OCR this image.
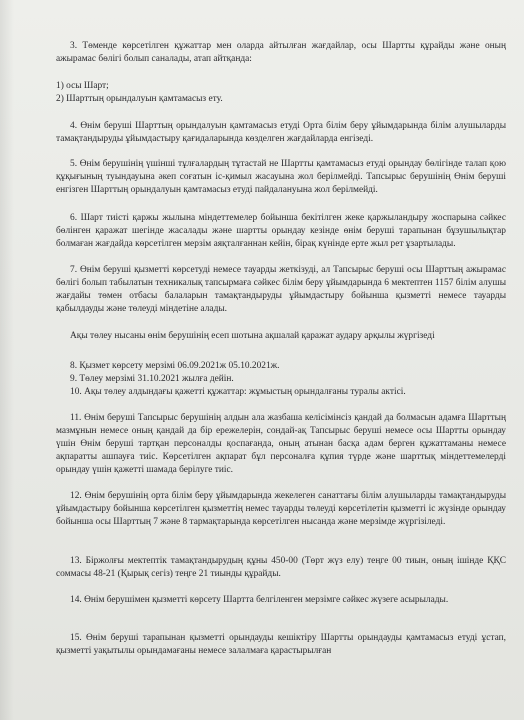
3. Төменде көрсетілген құжаттар мен оларда айтылған жағдайлар, осы Шартты құрайды және оның ажырамас бөлігі болып саналады, атап айтқанда:

1) осы Шарт;

2) Шарттың орындалуын қамтамасыз ету.

4. Өнім беруші Шарттың орындалуын қамтамасыз етуді Орта білім беру ұйымдарында білім алушыларды тамақтандыруды ұйымдастыру қағидаларында көзделген жағдайларда енгізеді.

5. Өнім берушінің үшінші тұлғалардың тұтастай не Шартты қамтамасыз етуді орындау бөлігінде талап қою құқығының туындауына әкеп соғатын іс-қимыл жасауына жол берілмейді. Тапсырыс берушінің Өнім беруші енгізген Шарттың орындалуын қамтамасыз етуді пайдалануына жол берілмейді.

6. Шарт тиісті қаржы жылына міндеттемелер бойынша бекітілген жеке қаржыландыру жоспарына сәйкес бөлінген қаражат шегінде жасалады және шартты орындау кезінде өнім беруші тарапынан бұзушылықтар болмаған жағдайда көрсетілген мерзім аяқталғаннан кейін, бірақ күнінде ерте жыл рет ұзартылады.

7. Өнім беруші қызметті көрсетуді немесе тауарды жеткізуді, ал Тапсырыс беруші осы Шарттың ажырамас бөлігі болып табылатын техникалық тапсырмаға сәйкес білім беру ұйымдарында 6 мектептен 1157 білім алушы жағдайы төмен отбасы балаларын тамақтандыруды ұйымдастыру бойынша қызметті немесе тауарды қабылдауды және төлеуді міндетіне алады.

Ақы төлеу нысаны өнім берушінің есеп шотына ақшалай қаражат аудару арқылы жүргізеді

8. Қызмет көрсету мерзімі 06.09.2021ж 05.10.2021ж.

9. Төлеу мерзімі 31.10.2021 жылға дейін.

10. Ақы төлеу алдындағы қажетті құжаттар: жұмыстың орындалғаны туралы актісі.

11. Өнім беруші Тапсырыс берушінің алдын ала жазбаша келісімінсіз қандай да болмасын адамға Шарттың мазмұнын немесе оның қандай да бір ережелерін, сондай-ақ Тапсырыс беруші немесе осы Шартты орындау үшін Өнім беруші тартқан персоналды қоспағанда, оның атынан басқа адам берген құжаттаманы немесе ақпаратты ашпауға тиіс. Көрсетілген ақпарат бұл персоналға құпия түрде және шарттық міндеттемелерді орындау үшін қажетті шамада берілуге тиіс.

12. Өнім берушінің орта білім беру ұйымдарында жекелеген санаттағы білім алушыларды тамақтандыруды ұйымдастыру бойынша көрсетілген қызметтің немес тауарды төлеуді көрсетілетін қызметті іс жүзінде орындау бойынша осы Шарттың 7 және 8 тармақтарында көрсетілген нысанда және мерзімде жүргізіледі.

13. Біржолғы мектептік тамақтандырудың құны 450-00 (Төрт жүз елу) теңге 00 тиын, оның ішінде ҚҚС соммасы 48-21 (Қырық сегіз) теңге 21 тиынды құрайды.

14. Өнім берушімен қызметті көрсету Шартта белгіленген мерзімге сәйкес жүзеге асырылады.

15. Өнім беруші тарапынан қызметті орындауды кешіктіру Шартты орындауды қамтамасыз етуді ұстап, қызметті уақытылы орындамағаны немесе залалмаға қарастырылған
